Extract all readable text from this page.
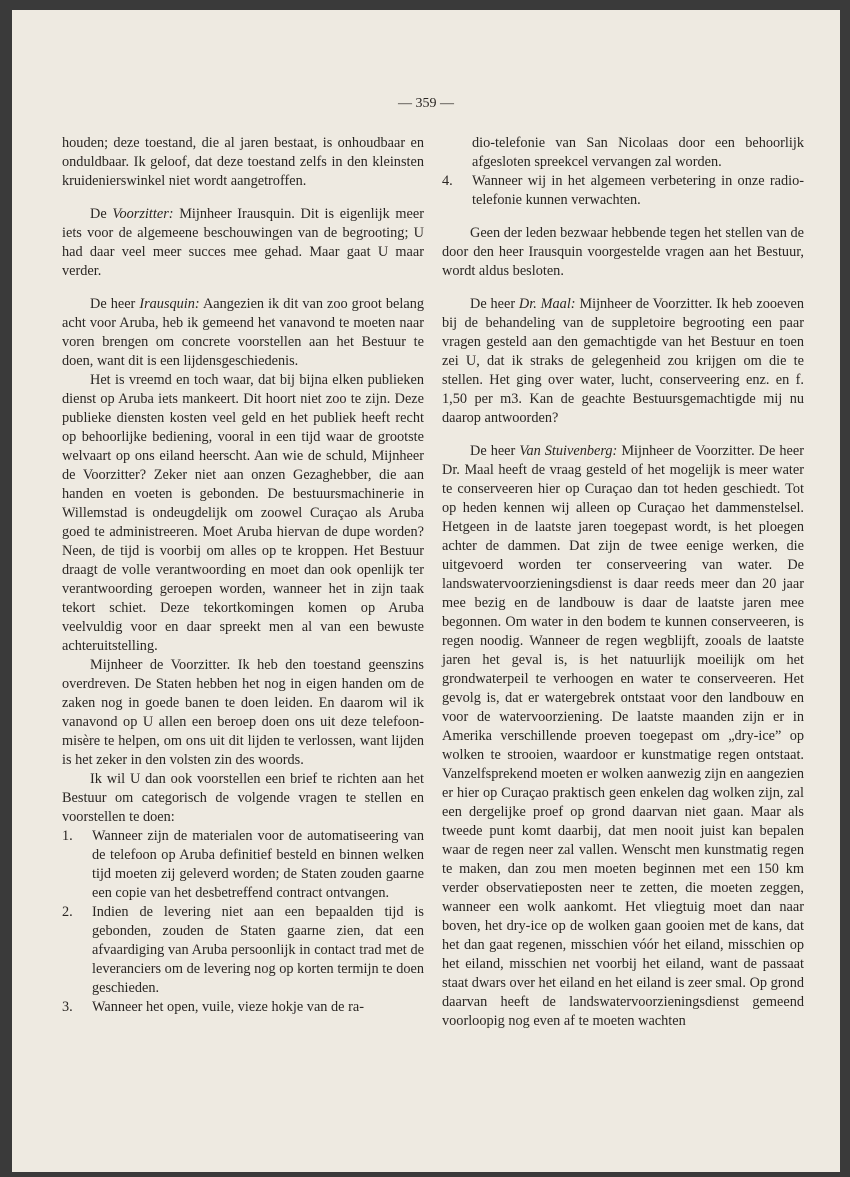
— 359 —

houden; deze toestand, die al jaren bestaat, is onhoudbaar en onduldbaar. Ik geloof, dat deze toestand zelfs in den kleinsten kruidenierswinkel niet wordt aangetroffen.

De Voorzitter: Mijnheer Irausquin. Dit is eigenlijk meer iets voor de algemeene beschouwingen van de begrooting; U had daar veel meer succes mee gehad. Maar gaat U maar verder.

De heer Irausquin: Aangezien ik dit van zoo groot belang acht voor Aruba, heb ik gemeend het vanavond te moeten naar voren brengen om concrete voorstellen aan het Bestuur te doen, want dit is een lijdensgeschiedenis.

Het is vreemd en toch waar, dat bij bijna elken publieken dienst op Aruba iets mankeert. Dit hoort niet zoo te zijn. Deze publieke diensten kosten veel geld en het publiek heeft recht op behoorlijke bediening, vooral in een tijd waar de grootste welvaart op ons eiland heerscht. Aan wie de schuld, Mijnheer de Voorzitter? Zeker niet aan onzen Gezaghebber, die aan handen en voeten is gebonden. De bestuursmachinerie in Willemstad is ondeugdelijk om zoowel Curaçao als Aruba goed te administreeren. Moet Aruba hiervan de dupe worden? Neen, de tijd is voorbij om alles op te kroppen. Het Bestuur draagt de volle verantwoording en moet dan ook openlijk ter verantwoording geroepen worden, wanneer het in zijn taak tekort schiet. Deze tekortkomingen komen op Aruba veelvuldig voor en daar spreekt men al van een bewuste achteruitstelling.

Mijnheer de Voorzitter. Ik heb den toestand geenszins overdreven. De Staten hebben het nog in eigen handen om de zaken nog in goede banen te doen leiden. En daarom wil ik vanavond op U allen een beroep doen ons uit deze telefoon-misère te helpen, om ons uit dit lijden te verlossen, want lijden is het zeker in den volsten zin des woords.

Ik wil U dan ook voorstellen een brief te richten aan het Bestuur om categorisch de volgende vragen te stellen en voorstellen te doen:

1. Wanneer zijn de materialen voor de automatiseering van de telefoon op Aruba definitief besteld en binnen welken tijd moeten zij geleverd worden; de Staten zouden gaarne een copie van het desbetreffend contract ontvangen.
2. Indien de levering niet aan een bepaalden tijd is gebonden, zouden de Staten gaarne zien, dat een afvaardiging van Aruba persoonlijk in contact trad met de leveranciers om de levering nog op korten termijn te doen geschieden.
3. Wanneer het open, vuile, vieze hokje van de ra-
dio-telefonie van San Nicolaas door een behoorlijk afgesloten spreekcel vervangen zal worden.
4. Wanneer wij in het algemeen verbetering in onze radio-telefonie kunnen verwachten.

Geen der leden bezwaar hebbende tegen het stellen van de door den heer Irausquin voorgestelde vragen aan het Bestuur, wordt aldus besloten.

De heer Dr. Maal: Mijnheer de Voorzitter. Ik heb zooeven bij de behandeling van de suppletoire begrooting een paar vragen gesteld aan den gemachtigde van het Bestuur en toen zei U, dat ik straks de gelegenheid zou krijgen om die te stellen. Het ging over water, lucht, conserveering enz. en f. 1,50 per m3. Kan de geachte Bestuursgemachtigde mij nu daarop antwoorden?

De heer Van Stuivenberg: Mijnheer de Voorzitter. De heer Dr. Maal heeft de vraag gesteld of het mogelijk is meer water te conserveeren hier op Curaçao dan tot heden geschiedt. Tot op heden kennen wij alleen op Curaçao het dammenstelsel. Hetgeen in de laatste jaren toegepast wordt, is het ploegen achter de dammen. Dat zijn de twee eenige werken, die uitgevoerd worden ter conserveering van water. De landswatervoorzieningsdienst is daar reeds meer dan 20 jaar mee bezig en de landbouw is daar de laatste jaren mee begonnen. Om water in den bodem te kunnen conserveeren, is regen noodig. Wanneer de regen wegblijft, zooals de laatste jaren het geval is, is het natuurlijk moeilijk om het grondwaterpeil te verhoogen en water te conserveeren. Het gevolg is, dat er watergebrek ontstaat voor den landbouw en voor de watervoorziening. De laatste maanden zijn er in Amerika verschillende proeven toegepast om „dry-ice” op wolken te strooien, waardoor er kunstmatige regen ontstaat. Vanzelfsprekend moeten er wolken aanwezig zijn en aangezien er hier op Curaçao praktisch geen enkelen dag wolken zijn, zal een dergelijke proef op grond daarvan niet gaan. Maar als tweede punt komt daarbij, dat men nooit juist kan bepalen waar de regen neer zal vallen. Wenscht men kunstmatig regen te maken, dan zou men moeten beginnen met een 150 km verder observatieposten neer te zetten, die moeten zeggen, wanneer een wolk aankomt. Het vliegtuig moet dan naar boven, het dry-ice op de wolken gaan gooien met de kans, dat het dan gaat regenen, misschien vóór het eiland, misschien op het eiland, misschien net voorbij het eiland, want de passaat staat dwars over het eiland en het eiland is zeer smal. Op grond daarvan heeft de landswatervoorzieningsdienst gemeend voorloopig nog even af te moeten wachten
